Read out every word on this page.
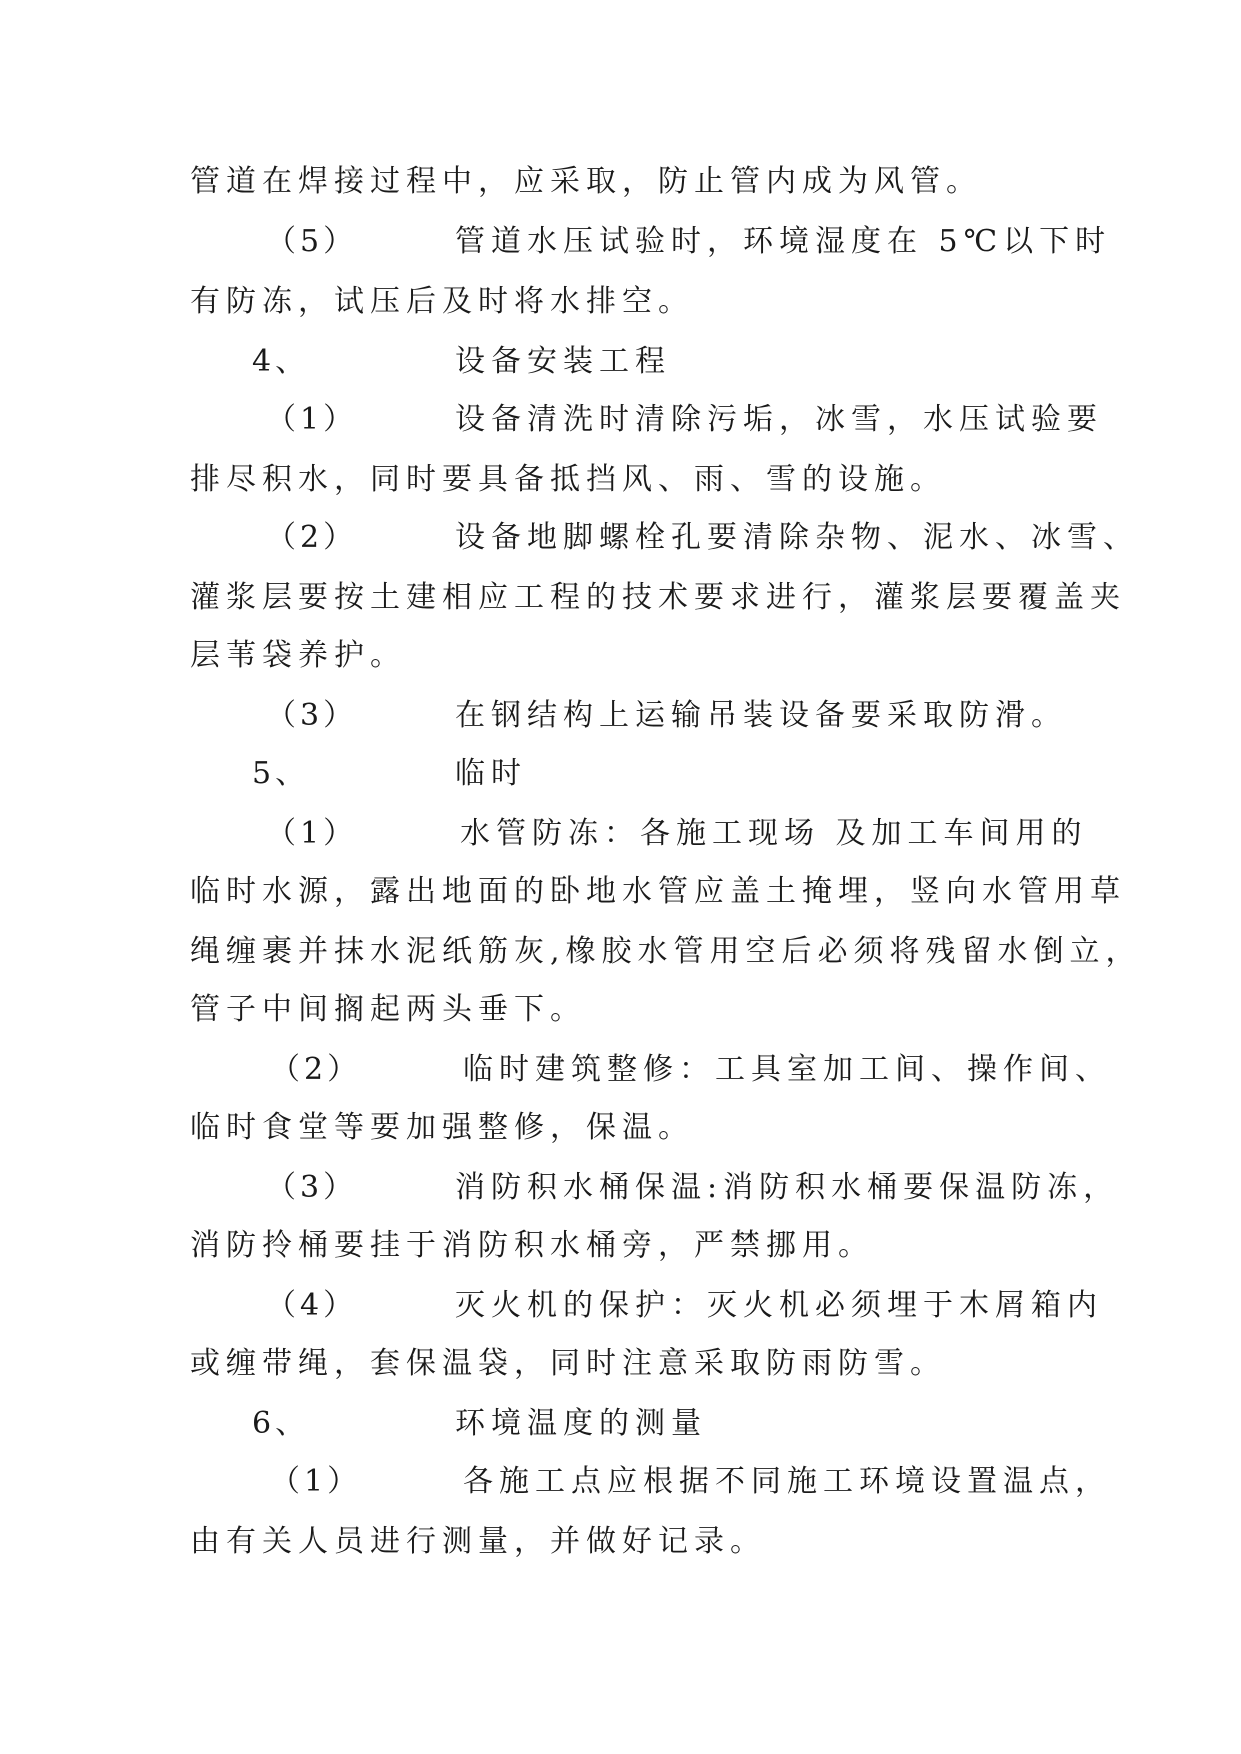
管道在焊接过程中，应采取，防止管内成为风管。
（5）	管道水压试验时，环境湿度在 5℃以下时
有防冻，试压后及时将水排空。
4、	设备安装工程
（1）	设备清洗时清除污垢，冰雪，水压试验要
排尽积水，同时要具备抵挡风、雨、雪的设施。
（2）	设备地脚螺栓孔要清除杂物、泥水、冰雪、
灌浆层要按土建相应工程的技术要求进行，灌浆层要覆盖夹
层苇袋养护。
（3）	在钢结构上运输吊装设备要采取防滑。
5、	临时
（1）	水管防冻：各施工现场 及加工车间用的
临时水源，露出地面的卧地水管应盖土掩埋，竖向水管用草
绳缠裹并抹水泥纸筋灰,橡胶水管用空后必须将残留水倒立，
管子中间搁起两头垂下。
（2）	临时建筑整修：工具室加工间、操作间、
临时食堂等要加强整修，保温。
（3）	消防积水桶保温:消防积水桶要保温防冻，
消防拎桶要挂于消防积水桶旁，严禁挪用。
（4）	灭火机的保护：灭火机必须埋于木屑箱内
或缠带绳，套保温袋，同时注意采取防雨防雪。
6、	环境温度的测量
（1）	各施工点应根据不同施工环境设置温点，
由有关人员进行测量，并做好记录。
